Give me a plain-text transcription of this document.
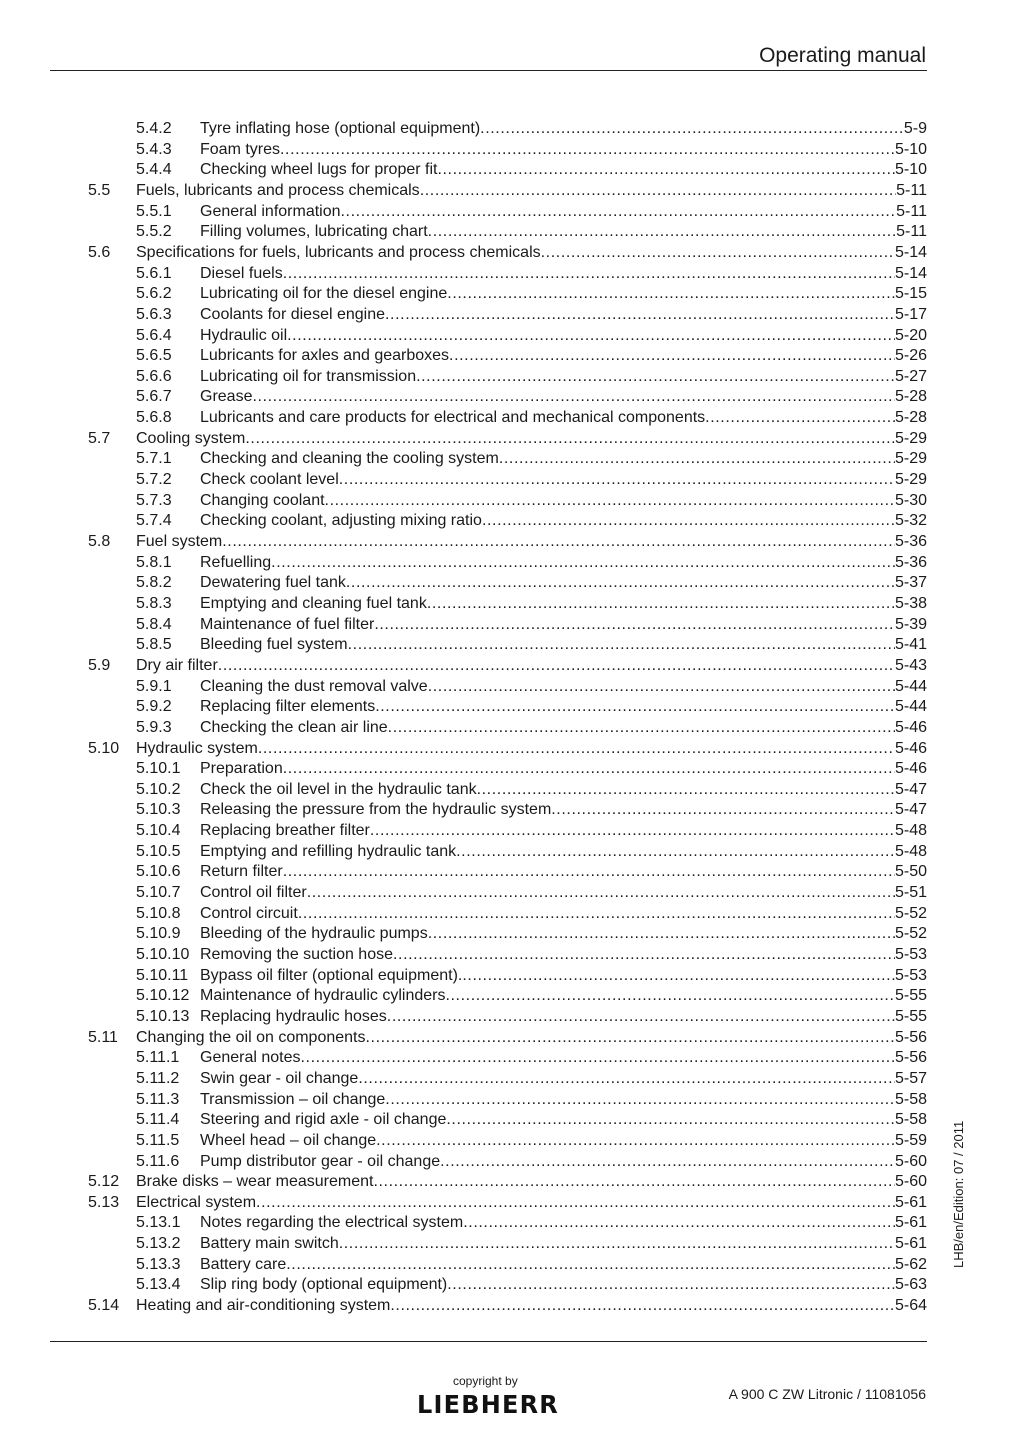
Operating manual
5.4.2 Tyre inflating hose (optional equipment) .....	5-9
5.4.3 Foam tyres .....	5-10
5.4.4 Checking wheel lugs for proper fit .....	5-10
5.5 Fuels, lubricants and process chemicals .....	5-11
5.5.1 General information .....	5-11
5.5.2 Filling volumes, lubricating chart .....	5-11
5.6 Specifications for fuels, lubricants and process chemicals .....	5-14
5.6.1 Diesel fuels .....	5-14
5.6.2 Lubricating oil for the diesel engine .....	5-15
5.6.3 Coolants for diesel engine .....	5-17
5.6.4 Hydraulic oil .....	5-20
5.6.5 Lubricants for axles and gearboxes .....	5-26
5.6.6 Lubricating oil for transmission .....	5-27
5.6.7 Grease .....	5-28
5.6.8 Lubricants and care products for electrical and mechanical components .....	5-28
5.7 Cooling system .....	5-29
5.7.1 Checking and cleaning the cooling system .....	5-29
5.7.2 Check coolant level .....	5-29
5.7.3 Changing coolant .....	5-30
5.7.4 Checking coolant, adjusting mixing ratio .....	5-32
5.8 Fuel system .....	5-36
5.8.1 Refuelling .....	5-36
5.8.2 Dewatering fuel tank .....	5-37
5.8.3 Emptying and cleaning fuel tank .....	5-38
5.8.4 Maintenance of fuel filter .....	5-39
5.8.5 Bleeding fuel system .....	5-41
5.9 Dry air filter .....	5-43
5.9.1 Cleaning the dust removal valve .....	5-44
5.9.2 Replacing filter elements .....	5-44
5.9.3 Checking the clean air line .....	5-46
5.10 Hydraulic system .....	5-46
5.10.1 Preparation .....	5-46
5.10.2 Check the oil level in the hydraulic tank .....	5-47
5.10.3 Releasing the pressure from the hydraulic system .....	5-47
5.10.4 Replacing breather filter .....	5-48
5.10.5 Emptying and refilling hydraulic tank .....	5-48
5.10.6 Return filter .....	5-50
5.10.7 Control oil filter .....	5-51
5.10.8 Control circuit .....	5-52
5.10.9 Bleeding of the hydraulic pumps .....	5-52
5.10.10 Removing the suction hose .....	5-53
5.10.11 Bypass oil filter (optional equipment). .....	5-53
5.10.12 Maintenance of hydraulic cylinders .....	5-55
5.10.13 Replacing hydraulic hoses .....	5-55
5.11 Changing the oil on components .....	5-56
5.11.1 General notes .....	5-56
5.11.2 Swin gear - oil change .....	5-57
5.11.3 Transmission – oil change .....	5-58
5.11.4 Steering and rigid axle - oil change .....	5-58
5.11.5 Wheel head – oil change .....	5-59
5.11.6 Pump distributor gear - oil change .....	5-60
5.12 Brake disks – wear measurement .....	5-60
5.13 Electrical system .....	5-61
5.13.1 Notes regarding the electrical system .....	5-61
5.13.2 Battery main switch .....	5-61
5.13.3 Battery care .....	5-62
5.13.4 Slip ring body (optional equipment) .....	5-63
5.14 Heating and air-conditioning system .....	5-64
LHB/en/Edition: 07 / 2011
copyright by
LIEBHERR	A 900 C ZW Litronic / 11081056
